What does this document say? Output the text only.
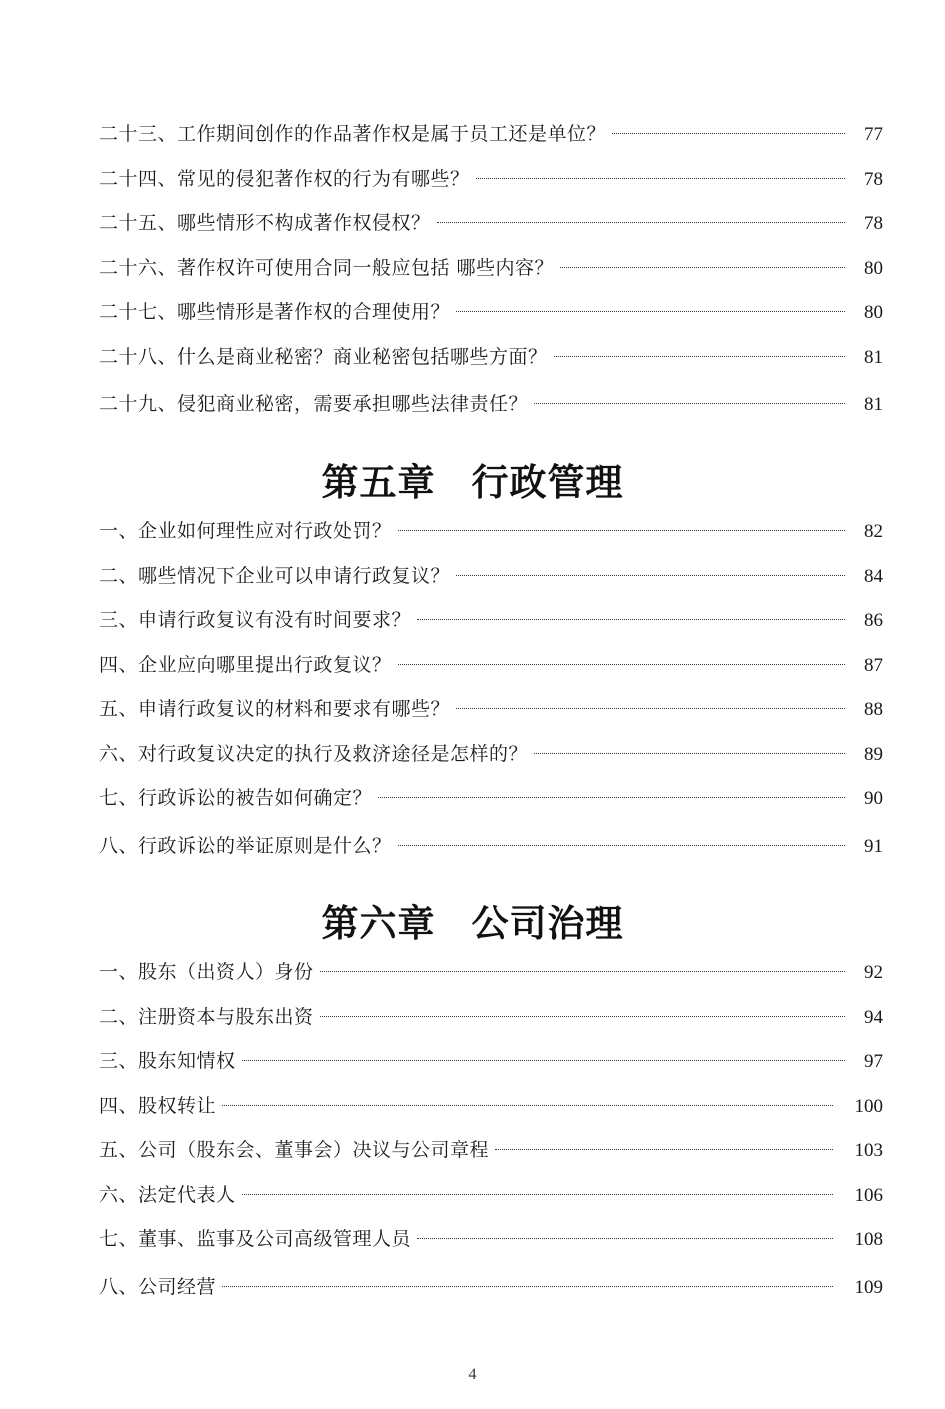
二十三、工作期间创作的作品著作权是属于员工还是单位？	77
二十四、常见的侵犯著作权的行为有哪些？	78
二十五、哪些情形不构成著作权侵权？	78
二十六、著作权许可使用合同一般应包括 哪些内容？	80
二十七、哪些情形是著作权的合理使用？	80
二十八、什么是商业秘密？商业秘密包括哪些方面？	81
二十九、侵犯商业秘密，需要承担哪些法律责任？	81
第五章 行政管理
一、企业如何理性应对行政处罚？	82
二、哪些情况下企业可以申请行政复议？	84
三、申请行政复议有没有时间要求？	86
四、企业应向哪里提出行政复议？	87
五、申请行政复议的材料和要求有哪些？	88
六、对行政复议决定的执行及救济途径是怎样的？	89
七、行政诉讼的被告如何确定？	90
八、行政诉讼的举证原则是什么？	91
第六章 公司治理
一、股东（出资人）身份	92
二、注册资本与股东出资	94
三、股东知情权	97
四、股权转让	100
五、公司（股东会、董事会）决议与公司章程	103
六、法定代表人	106
七、董事、监事及公司高级管理人员	108
八、公司经营	109
4
